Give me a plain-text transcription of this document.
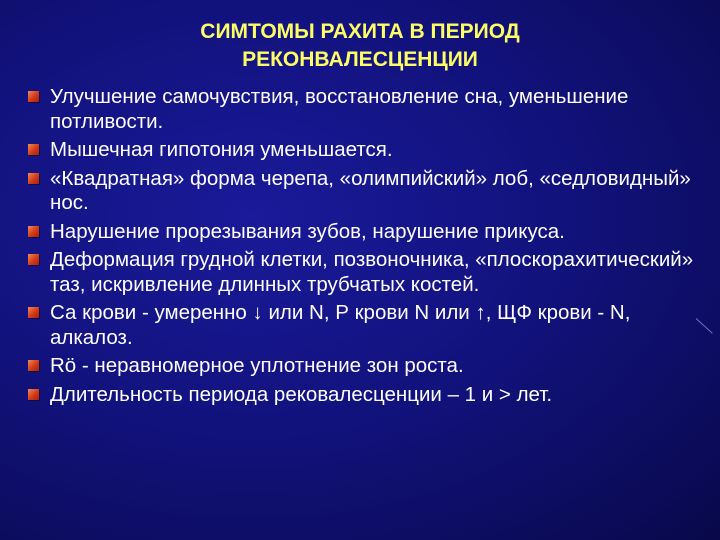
СИМТОМЫ РАХИТА В ПЕРИОД
РЕКОНВАЛЕСЦЕНЦИИ
Улучшение самочувствия, восстановление сна, уменьшение потливости.
Мышечная гипотония уменьшается.
«Квадратная» форма черепа, «олимпийский» лоб, «седловидный» нос.
Нарушение прорезывания зубов, нарушение прикуса.
Деформация грудной клетки, позвоночника, «плоскорахитический» таз, искривление длинных трубчатых костей.
Са крови - умеренно ↓ или N, Р крови N или ↑, ЩФ крови - N, алкалоз.
Rö - неравномерное уплотнение зон роста.
Длительность периода рековалесценции – 1 и > лет.
